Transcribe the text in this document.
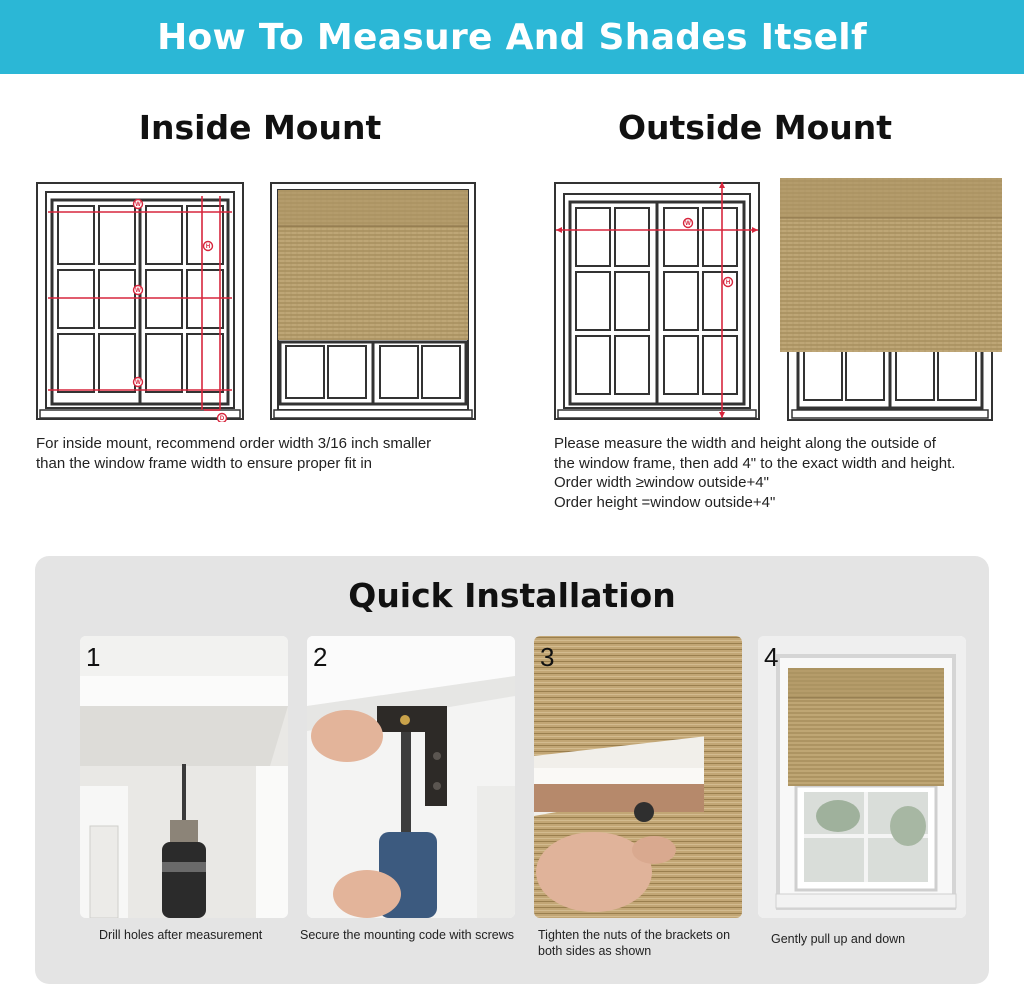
How To Measure And Shades Itself
Inside Mount	Outside Mount
W
W
W
H
D
W
H
For inside mount, recommend order width 3/16 inch smaller
than the window frame width to ensure proper fit in
Please measure the width and height along the outside of
the window frame, then add 4" to the exact width and height.
Order width ≥window outside+4"
Order height =window outside+4"
Quick Installation
1
Drill holes after measurement
2
Secure the mounting code with screws
3
Tighten the nuts of the brackets on
both sides as shown
4
Gently pull up and down
